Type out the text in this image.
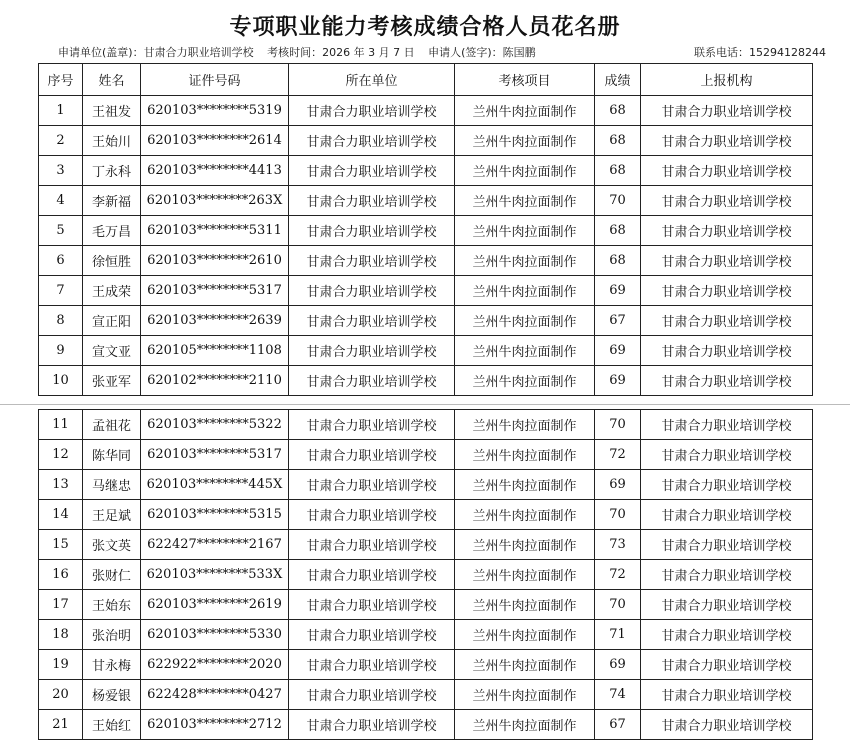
专项职业能力考核成绩合格人员花名册
申请单位(盖章)：甘肃合力职业培训学校 考核时间：2026 年 3 月 7 日 申请人(签字)：陈国鹏	联系电话：15294128244
序号	姓名	证件号码	所在单位	考核项目	成绩	上报机构
1	王祖发	620103********5319	甘肃合力职业培训学校	兰州牛肉拉面制作	68	甘肃合力职业培训学校
2	王始川	620103********2614	甘肃合力职业培训学校	兰州牛肉拉面制作	68	甘肃合力职业培训学校
3	丁永科	620103********4413	甘肃合力职业培训学校	兰州牛肉拉面制作	68	甘肃合力职业培训学校
4	李新福	620103********263X	甘肃合力职业培训学校	兰州牛肉拉面制作	70	甘肃合力职业培训学校
5	毛万昌	620103********5311	甘肃合力职业培训学校	兰州牛肉拉面制作	68	甘肃合力职业培训学校
6	徐恒胜	620103********2610	甘肃合力职业培训学校	兰州牛肉拉面制作	68	甘肃合力职业培训学校
7	王成荣	620103********5317	甘肃合力职业培训学校	兰州牛肉拉面制作	69	甘肃合力职业培训学校
8	宣正阳	620103********2639	甘肃合力职业培训学校	兰州牛肉拉面制作	67	甘肃合力职业培训学校
9	宣文亚	620105********1108	甘肃合力职业培训学校	兰州牛肉拉面制作	69	甘肃合力职业培训学校
10	张亚军	620102********2110	甘肃合力职业培训学校	兰州牛肉拉面制作	69	甘肃合力职业培训学校
11	孟祖花	620103********5322	甘肃合力职业培训学校	兰州牛肉拉面制作	70	甘肃合力职业培训学校
12	陈华同	620103********5317	甘肃合力职业培训学校	兰州牛肉拉面制作	72	甘肃合力职业培训学校
13	马继忠	620103********445X	甘肃合力职业培训学校	兰州牛肉拉面制作	69	甘肃合力职业培训学校
14	王足斌	620103********5315	甘肃合力职业培训学校	兰州牛肉拉面制作	70	甘肃合力职业培训学校
15	张文英	622427********2167	甘肃合力职业培训学校	兰州牛肉拉面制作	73	甘肃合力职业培训学校
16	张财仁	620103********533X	甘肃合力职业培训学校	兰州牛肉拉面制作	72	甘肃合力职业培训学校
17	王始东	620103********2619	甘肃合力职业培训学校	兰州牛肉拉面制作	70	甘肃合力职业培训学校
18	张治明	620103********5330	甘肃合力职业培训学校	兰州牛肉拉面制作	71	甘肃合力职业培训学校
19	甘永梅	622922********2020	甘肃合力职业培训学校	兰州牛肉拉面制作	69	甘肃合力职业培训学校
20	杨爱银	622428********0427	甘肃合力职业培训学校	兰州牛肉拉面制作	74	甘肃合力职业培训学校
21	王始红	620103********2712	甘肃合力职业培训学校	兰州牛肉拉面制作	67	甘肃合力职业培训学校
